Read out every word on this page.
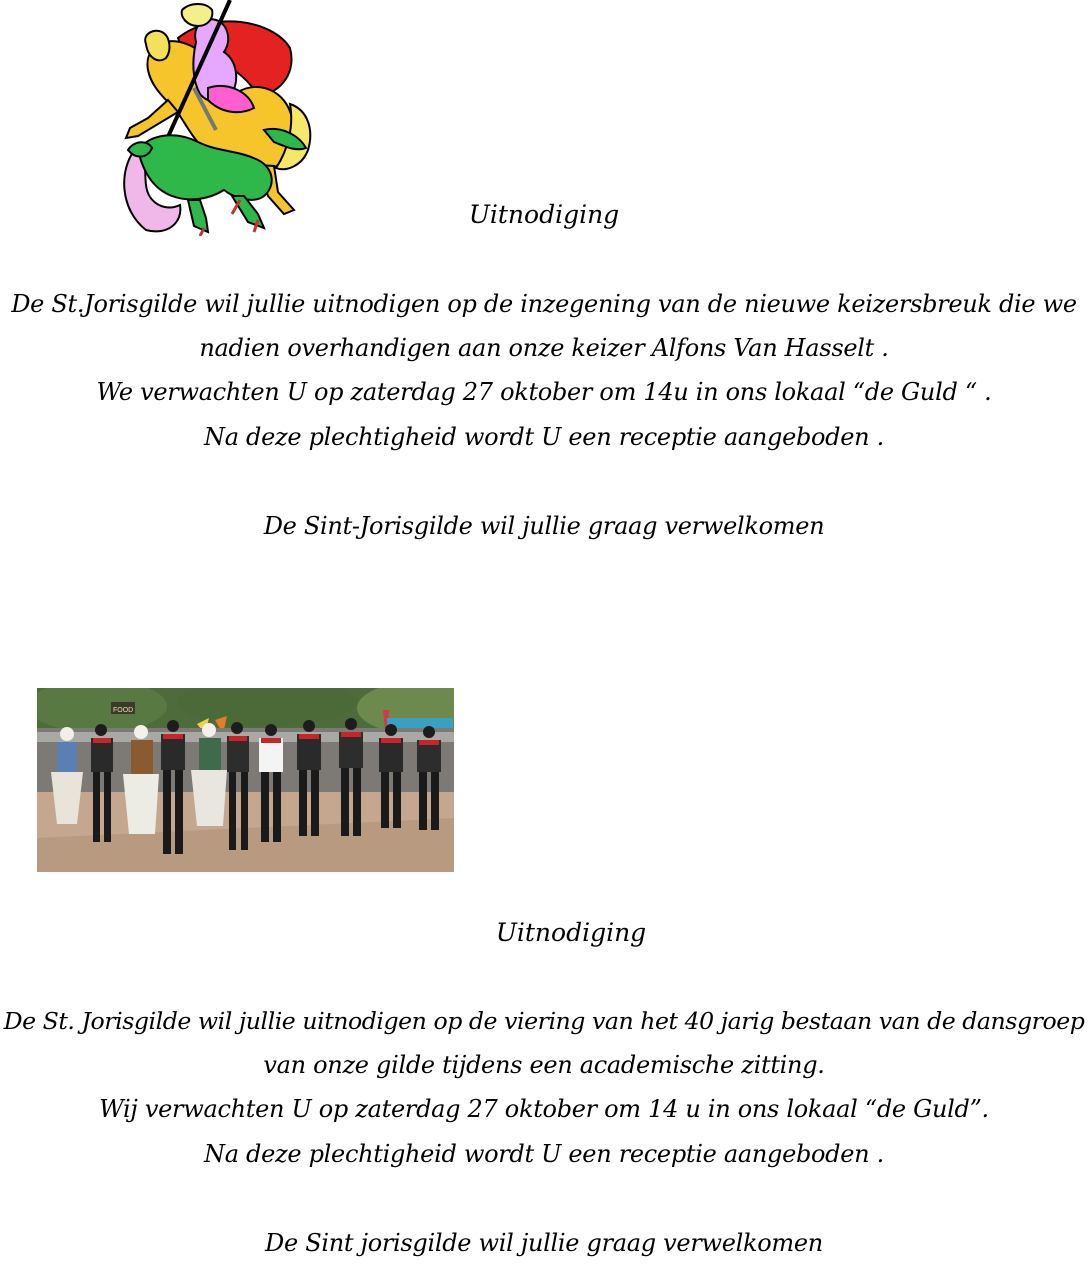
Uitnodiging
De St.Jorisgilde wil jullie uitnodigen op de inzegening van de nieuwe keizersbreuk die we
nadien overhandigen aan onze keizer Alfons Van Hasselt .
We verwachten U op zaterdag 27 oktober om 14u in ons lokaal “de Guld “ .
Na deze plechtigheid wordt U een receptie aangeboden .
De Sint-Jorisgilde wil jullie graag verwelkomen
FOOD
Uitnodiging
De St. Jorisgilde wil jullie uitnodigen op de viering van het 40 jarig bestaan van de dansgroep
van onze gilde tijdens een academische zitting.
Wij verwachten U op zaterdag 27 oktober om 14 u in ons lokaal “de Guld”.
Na deze plechtigheid wordt U een receptie aangeboden .
De Sint jorisgilde wil jullie graag verwelkomen
